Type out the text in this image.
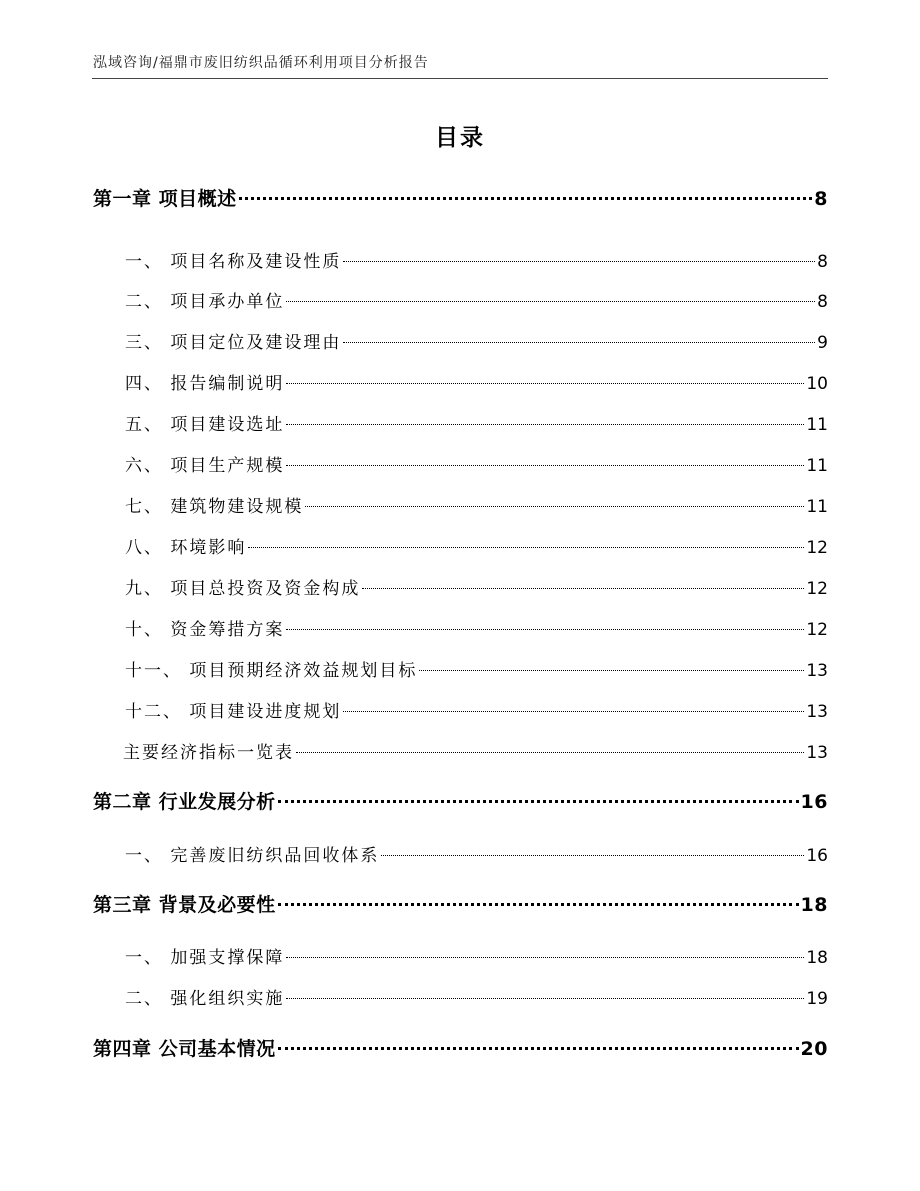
泓域咨询/福鼎市废旧纺织品循环利用项目分析报告
目录
第一章 项目概述	8
一、 项目名称及建设性质	8
二、 项目承办单位	8
三、 项目定位及建设理由	9
四、 报告编制说明	10
五、 项目建设选址	11
六、 项目生产规模	11
七、 建筑物建设规模	11
八、 环境影响	12
九、 项目总投资及资金构成	12
十、 资金筹措方案	12
十一、 项目预期经济效益规划目标	13
十二、 项目建设进度规划	13
主要经济指标一览表	13
第二章 行业发展分析	16
一、 完善废旧纺织品回收体系	16
第三章 背景及必要性	18
一、 加强支撑保障	18
二、 强化组织实施	19
第四章 公司基本情况	20
